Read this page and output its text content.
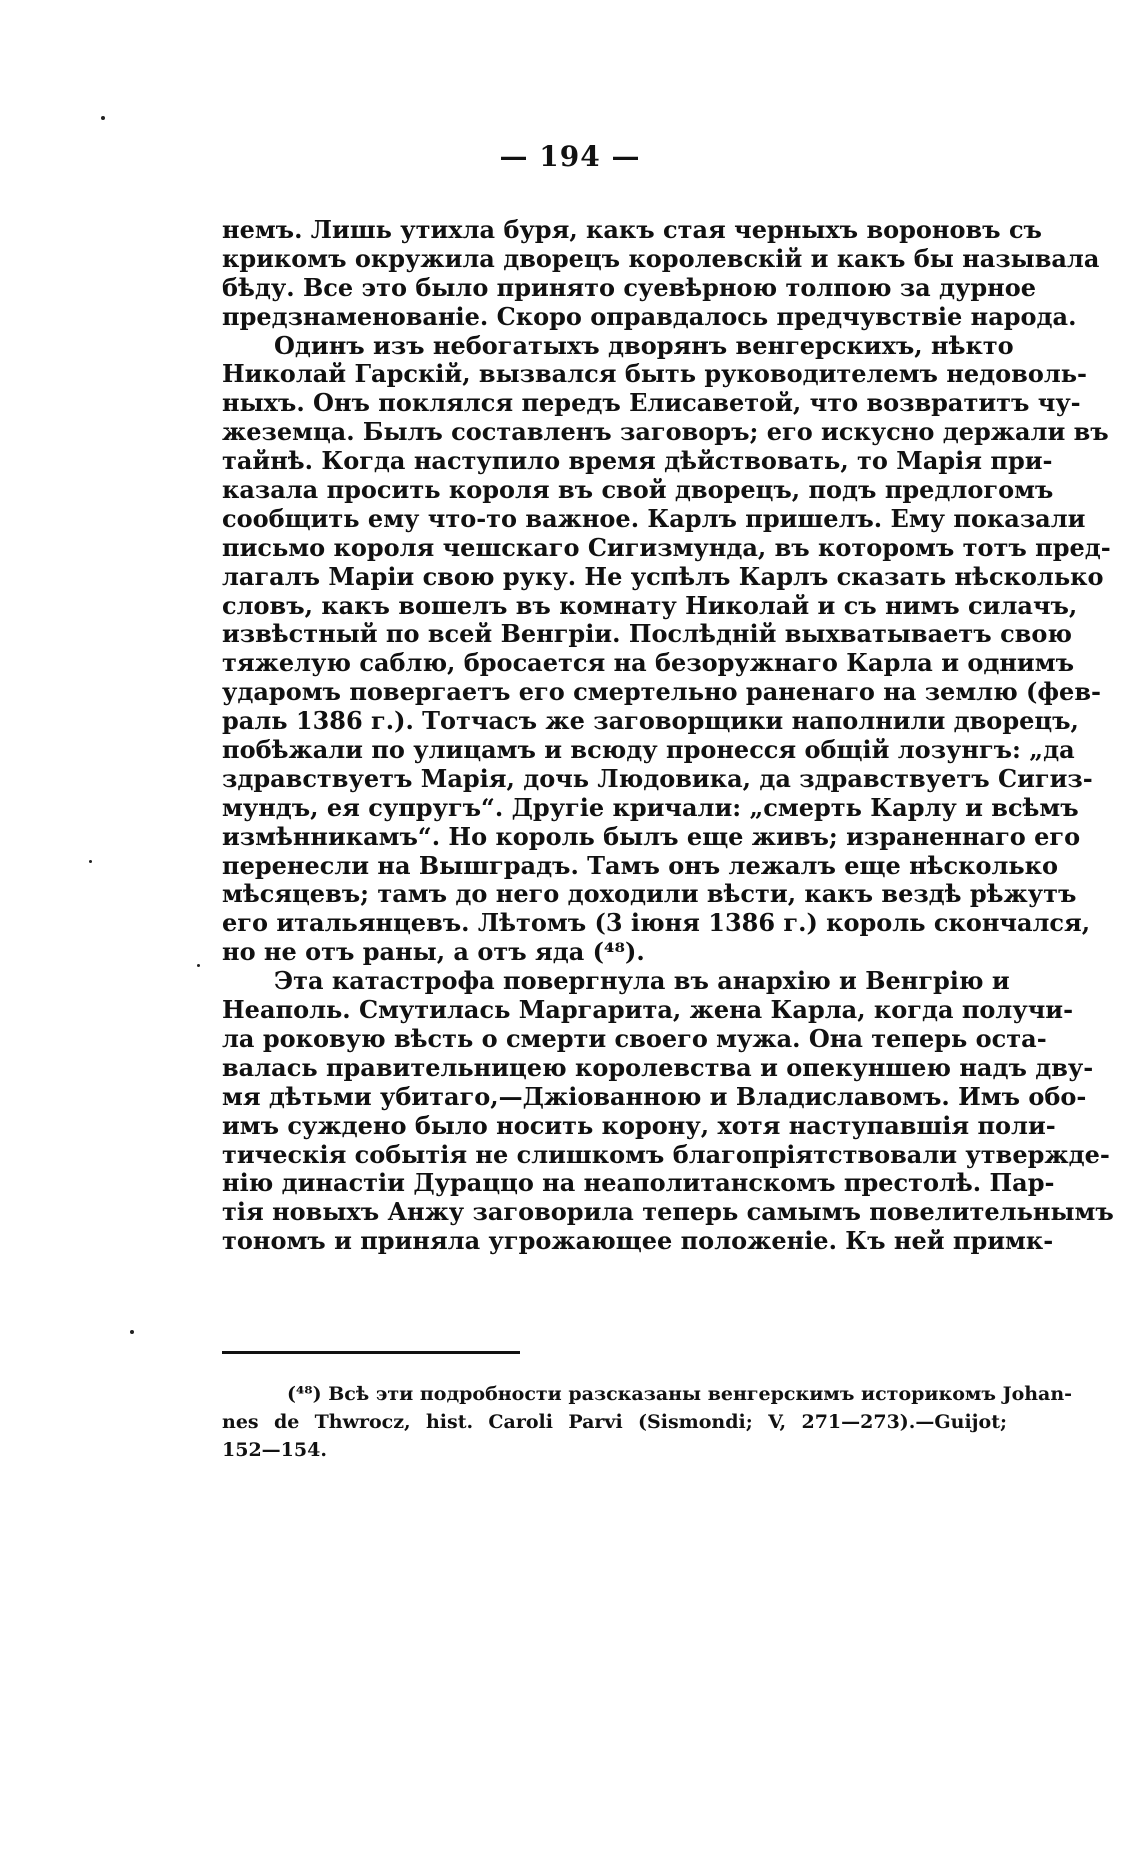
— 194 —
немъ. Лишь утихла буря, какъ стая черныхъ вороновъ съ
крикомъ окружила дворецъ королевскій и какъ бы называла
бѣду. Все это было принято суевѣрною толпою за дурное
предзнаменованіе. Скоро оправдалось предчувствіе народа.
Одинъ изъ небогатыхъ дворянъ венгерскихъ, нѣкто
Николай Гарскій, вызвался быть руководителемъ недоволь-
ныхъ. Онъ поклялся передъ Елисаветой, что возвратитъ чу-
жеземца. Былъ составленъ заговоръ; его искусно держали въ
тайнѣ. Когда наступило время дѣйствовать, то Марія при-
казала просить короля въ свой дворецъ, подъ предлогомъ
сообщить ему что-то важное. Карлъ пришелъ. Ему показали
письмо короля чешскаго Сигизмунда, въ которомъ тотъ пред-
лагалъ Маріи свою руку. Не успѣлъ Карлъ сказать нѣсколько
словъ, какъ вошелъ въ комнату Николай и съ нимъ силачъ,
извѣстный по всей Венгріи. Послѣдній выхватываетъ свою
тяжелую саблю, бросается на безоружнаго Карла и однимъ
ударомъ повергаетъ его смертельно раненаго на землю (фев-
раль 1386 г.). Тотчасъ же заговорщики наполнили дворецъ,
побѣжали по улицамъ и всюду пронесся общій лозунгъ: „да
здравствуетъ Марія, дочь Людовика, да здравствуетъ Сигиз-
мундъ, ея супругъ“. Другіе кричали: „смерть Карлу и всѣмъ
измѣнникамъ“. Но король былъ еще живъ; израненнаго его
перенесли на Вышградъ. Тамъ онъ лежалъ еще нѣсколько
мѣсяцевъ; тамъ до него доходили вѣсти, какъ вездѣ рѣжутъ
его итальянцевъ. Лѣтомъ (3 іюня 1386 г.) король скончался,
но не отъ раны, а отъ яда (⁴⁸).
Эта катастрофа повергнула въ анархію и Венгрію и
Неаполь. Смутилась Маргарита, жена Карла, когда получи-
ла роковую вѣсть о смерти своего мужа. Она теперь оста-
валась правительницею королевства и опекуншею надъ дву-
мя дѣтьми убитаго,—Джіованною и Владиславомъ. Имъ обо-
имъ суждено было носить корону, хотя наступавшія поли-
тическія событія не слишкомъ благопріятствовали утвержде-
нію династіи Дураццо на неаполитанскомъ престолѣ. Пар-
тія новыхъ Анжу заговорила теперь самымъ повелительнымъ
тономъ и приняла угрожающее положеніе. Къ ней примк-
(⁴⁸) Всѣ эти подробности разсказаны венгерскимъ историкомъ Johan-
nes de Thwrocz, hist. Caroli Parvi (Sismondi; V, 271—273).—Guijot;
152—154.
